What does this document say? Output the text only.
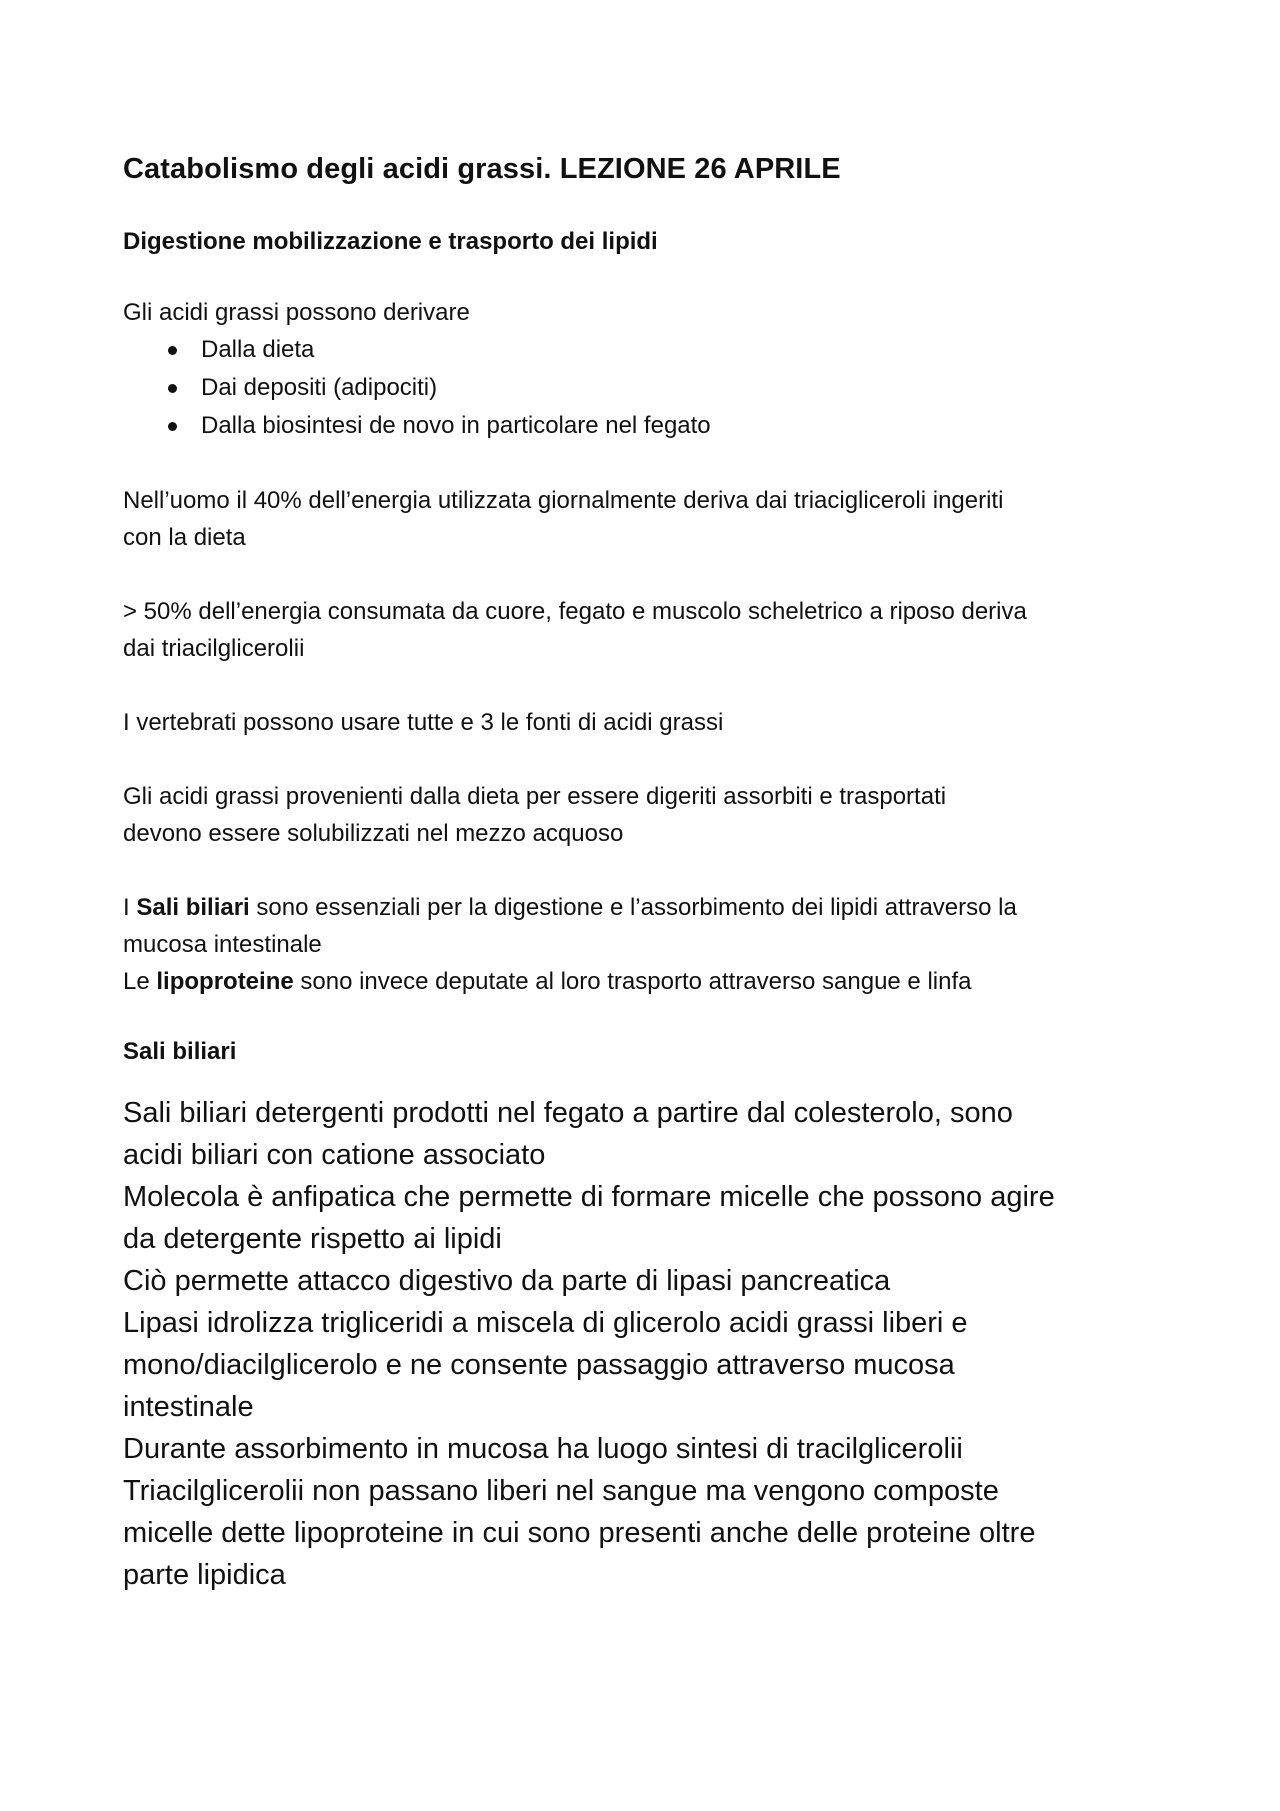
Catabolismo degli acidi grassi. LEZIONE 26 APRILE
Digestione mobilizzazione e trasporto dei lipidi

Gli acidi grassi possono derivare

Dalla dieta
Dai depositi (adipociti)
Dalla biosintesi de novo in particolare nel fegato

Nell’uomo il 40% dell’energia utilizzata giornalmente deriva dai triacigliceroli ingeriti
con la dieta

> 50% dell’energia consumata da cuore, fegato e muscolo scheletrico a riposo deriva
dai triacilglicerolii

I vertebrati possono usare tutte e 3 le fonti di acidi grassi

Gli acidi grassi provenienti dalla dieta per essere digeriti assorbiti e trasportati
devono essere solubilizzati nel mezzo acquoso

I Sali biliari sono essenziali per la digestione e l’assorbimento dei lipidi attraverso la
mucosa intestinale

Le lipoproteine sono invece deputate al loro trasporto attraverso sangue e linfa

Sali biliari

Sali biliari detergenti prodotti nel fegato a partire dal colesterolo, sono

acidi biliari con catione associato

Molecola è anfipatica che permette di formare micelle che possono agire

da detergente rispetto ai lipidi

Ciò permette attacco digestivo da parte di lipasi pancreatica

Lipasi idrolizza trigliceridi a miscela di glicerolo acidi grassi liberi e

mono/diacilglicerolo e ne consente passaggio attraverso mucosa

intestinale

Durante assorbimento in mucosa ha luogo sintesi di tracilglicerolii

Triacilglicerolii non passano liberi nel sangue ma vengono composte

micelle dette lipoproteine in cui sono presenti anche delle proteine oltre

parte lipidica
